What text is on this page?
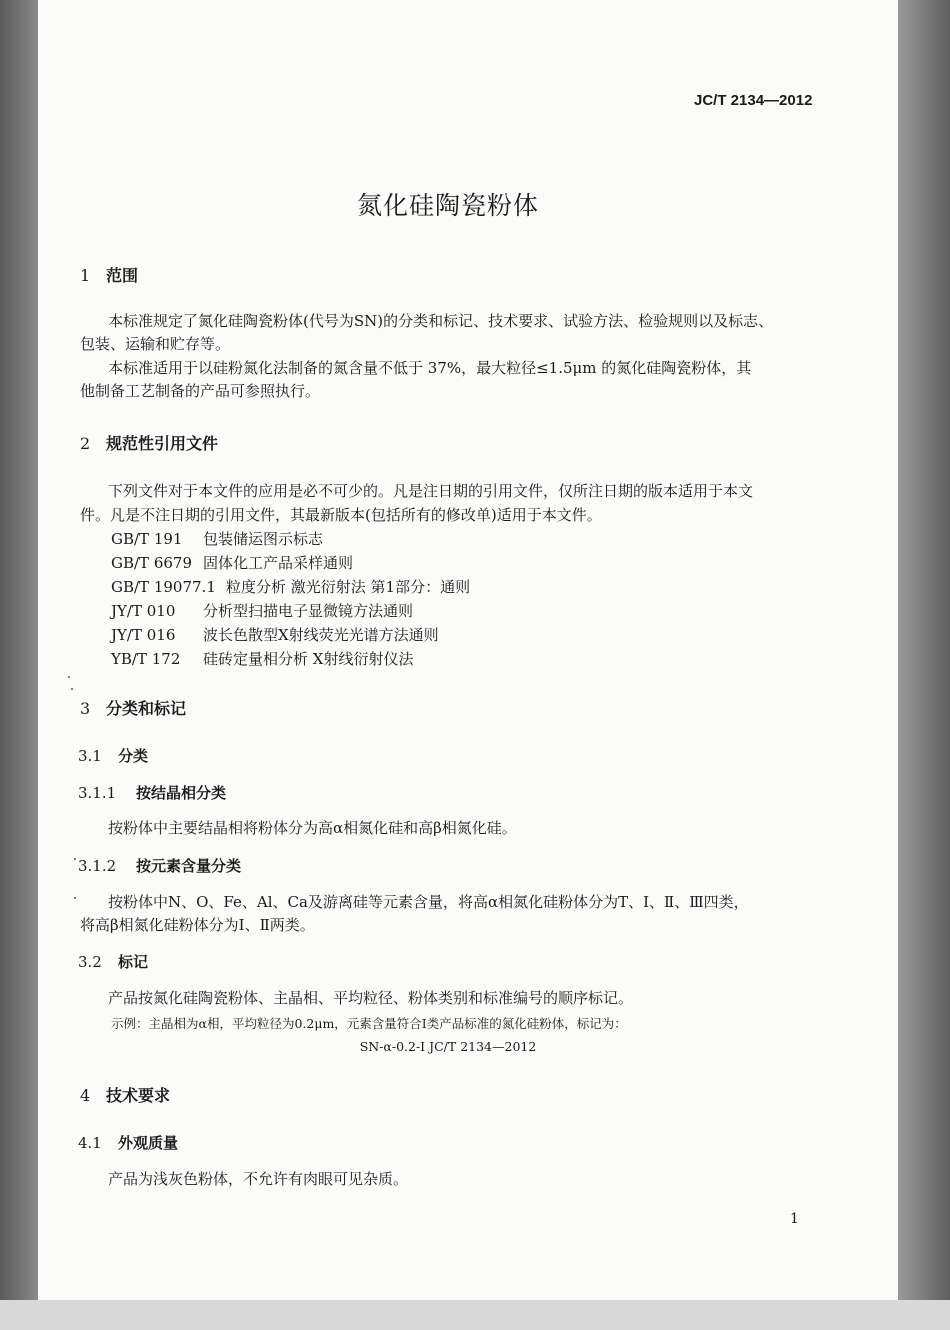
JC/T 2134—2012
氮化硅陶瓷粉体
1 范围
本标准规定了氮化硅陶瓷粉体(代号为SN)的分类和标记、技术要求、试验方法、检验规则以及标志、
包装、运输和贮存等。
本标准适用于以硅粉氮化法制备的氮含量不低于 37%，最大粒径≤1.5μm 的氮化硅陶瓷粉体，其
他制备工艺制备的产品可参照执行。
2 规范性引用文件
下列文件对于本文件的应用是必不可少的。凡是注日期的引用文件，仅所注日期的版本适用于本文
件。凡是不注日期的引用文件，其最新版本(包括所有的修改单)适用于本文件。
GB/T 191 包装储运图示标志
GB/T 6679 固体化工产品采样通则
GB/T 19077.1 粒度分析 激光衍射法 第1部分：通则
JY/T 010 分析型扫描电子显微镜方法通则
JY/T 016 波长色散型X射线荧光光谱方法通则
YB/T 172 硅砖定量相分析 X射线衍射仪法
3 分类和标记
3.1 分类
3.1.1 按结晶相分类
按粉体中主要结晶相将粉体分为高α相氮化硅和高β相氮化硅。
3.1.2 按元素含量分类
按粉体中N、O、Fe、Al、Ca及游离硅等元素含量，将高α相氮化硅粉体分为T、Ⅰ、Ⅱ、Ⅲ四类，
将高β相氮化硅粉体分为Ⅰ、Ⅱ两类。
3.2 标记
产品按氮化硅陶瓷粉体、主晶相、平均粒径、粉体类别和标准编号的顺序标记。
示例：主晶相为α相，平均粒径为0.2μm，元素含量符合Ⅰ类产品标准的氮化硅粉体，标记为：
SN-α-0.2-Ⅰ JC/T 2134—2012
4 技术要求
4.1 外观质量
产品为浅灰色粉体，不允许有肉眼可见杂质。
1
